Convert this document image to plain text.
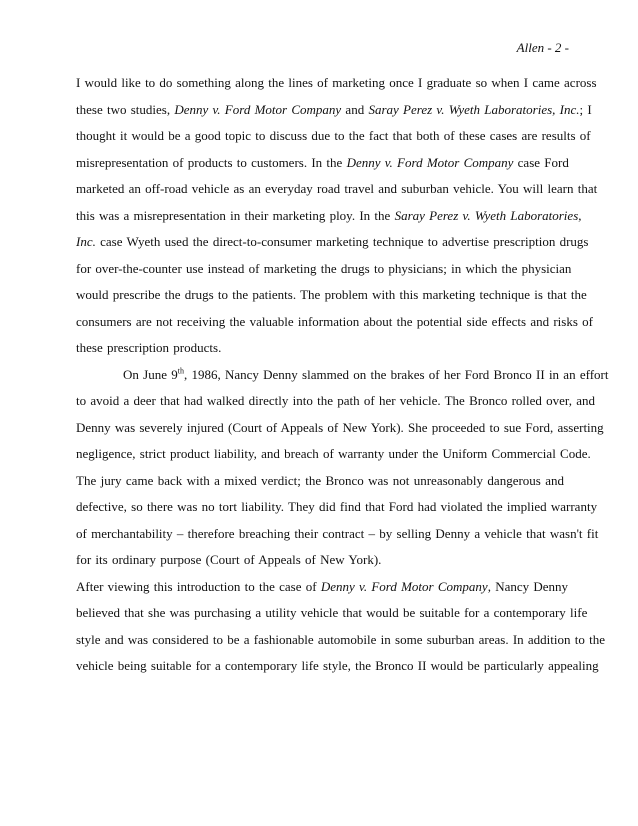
Allen - 2 -
I would like to do something along the lines of marketing once I graduate so when I came across
these two studies, Denny v. Ford Motor Company and Saray Perez v. Wyeth Laboratories, Inc.; I
thought it would be a good topic to discuss due to the fact that both of these cases are results of
misrepresentation of products to customers. In the Denny v. Ford Motor Company case Ford
marketed an off-road vehicle as an everyday road travel and suburban vehicle. You will learn that
this was a misrepresentation in their marketing ploy. In the Saray Perez v. Wyeth Laboratories,
Inc. case Wyeth used the direct-to-consumer marketing technique to advertise prescription drugs
for over-the-counter use instead of marketing the drugs to physicians; in which the physician
would prescribe the drugs to the patients. The problem with this marketing technique is that the
consumers are not receiving the valuable information about the potential side effects and risks of
these prescription products.
On June 9th, 1986, Nancy Denny slammed on the brakes of her Ford Bronco II in an effort
to avoid a deer that had walked directly into the path of her vehicle. The Bronco rolled over, and
Denny was severely injured (Court of Appeals of New York). She proceeded to sue Ford, asserting
negligence, strict product liability, and breach of warranty under the Uniform Commercial Code.
The jury came back with a mixed verdict; the Bronco was not unreasonably dangerous and
defective, so there was no tort liability. They did find that Ford had violated the implied warranty
of merchantability – therefore breaching their contract – by selling Denny a vehicle that wasn't fit
for its ordinary purpose (Court of Appeals of New York).
After viewing this introduction to the case of Denny v. Ford Motor Company, Nancy Denny
believed that she was purchasing a utility vehicle that would be suitable for a contemporary life
style and was considered to be a fashionable automobile in some suburban areas. In addition to the
vehicle being suitable for a contemporary life style, the Bronco II would be particularly appealing
